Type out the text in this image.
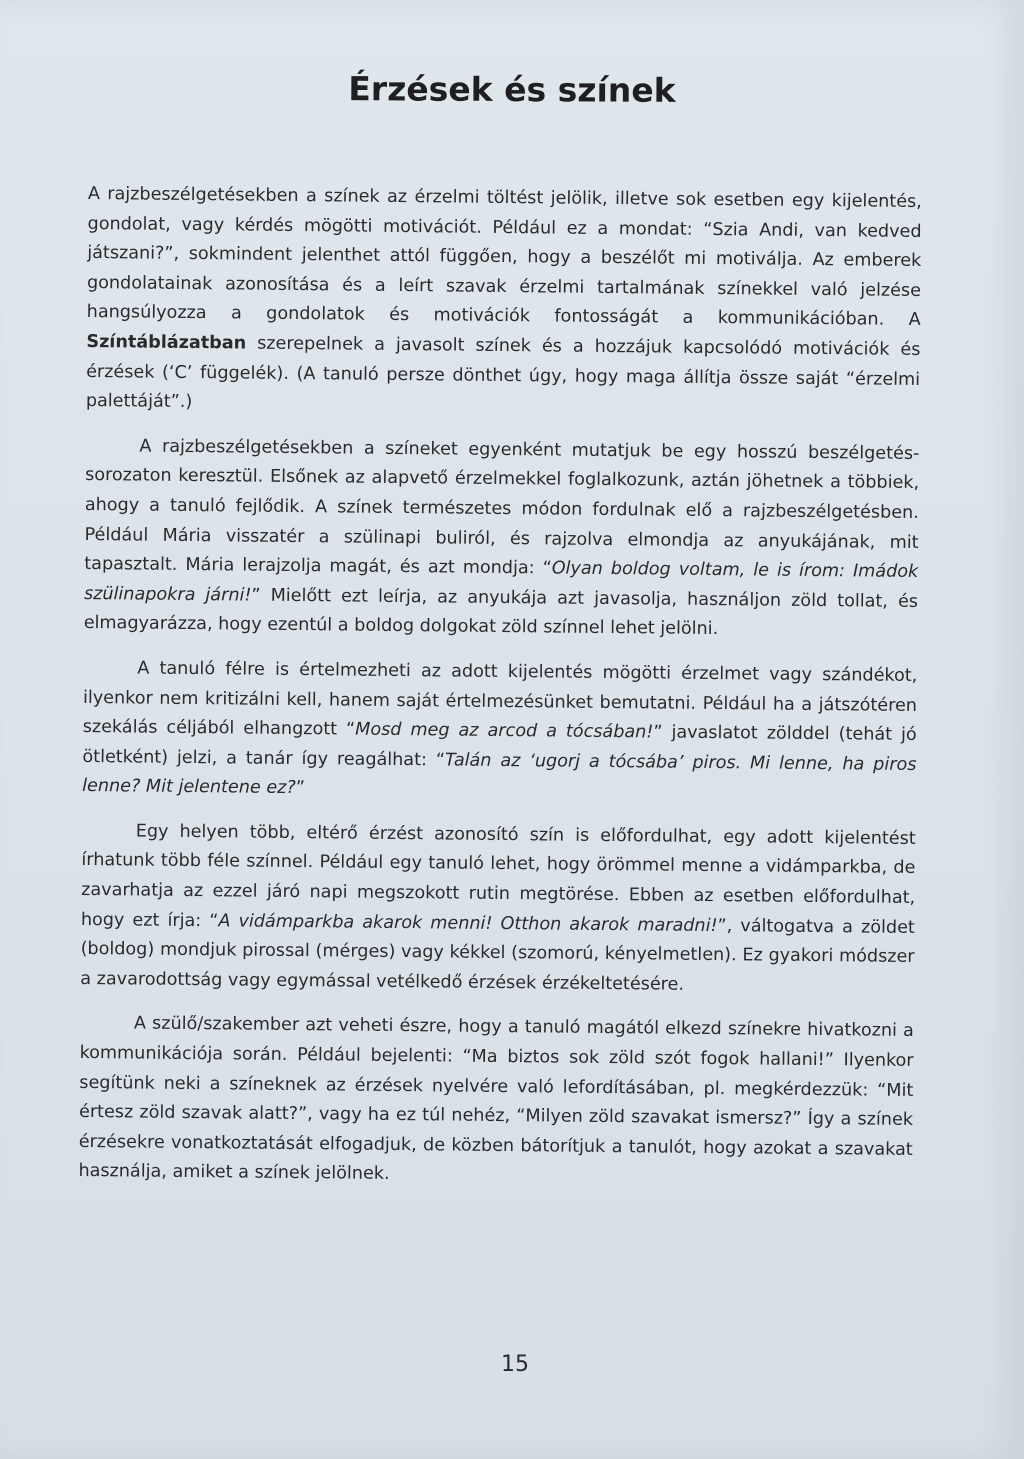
Érzések és színek

A rajzbeszélgetésekben a színek az érzelmi töltést jelölik, illetve sok esetben egy kijelentés, gondolat, vagy kérdés mögötti motivációt. Például ez a mondat: “Szia Andi, van kedved játszani?”, sokmindent jelenthet attól függően, hogy a beszélőt mi motiválja. Az emberek gondolatainak azonosítása és a leírt szavak érzelmi tartalmának színekkel való jelzése hangsúlyozza a gondolatok és motivációk fontosságát a kommunikációban. A Színtáblázatban szerepelnek a javasolt színek és a hozzájuk kapcsolódó motivációk és érzések (‘C’ függelék). (A tanuló persze dönthet úgy, hogy maga állítja össze saját “érzelmi palettáját”.)

A rajzbeszélgetésekben a színeket egyenként mutatjuk be egy hosszú beszélgetés-sorozaton keresztül. Elsőnek az alapvető érzelmekkel foglalkozunk, aztán jöhetnek a többiek, ahogy a tanuló fejlődik. A színek természetes módon fordulnak elő a rajzbeszélgetésben. Például Mária visszatér a szülinapi buliról, és rajzolva elmondja az anyukájának, mit tapasztalt. Mária lerajzolja magát, és azt mondja: “Olyan boldog voltam, le is írom: Imádok szülinapokra járni!” Mielőtt ezt leírja, az anyukája azt javasolja, használjon zöld tollat, és elmagyarázza, hogy ezentúl a boldog dolgokat zöld színnel lehet jelölni.

A tanuló félre is értelmezheti az adott kijelentés mögötti érzelmet vagy szándékot, ilyenkor nem kritizálni kell, hanem saját értelmezésünket bemutatni. Például ha a játszótéren szekálás céljából elhangzott “Mosd meg az arcod a tócsában!” javaslatot zölddel (tehát jó ötletként) jelzi, a tanár így reagálhat: “Talán az ‘ugorj a tócsába’ piros. Mi lenne, ha piros lenne? Mit jelentene ez?”

Egy helyen több, eltérő érzést azonosító szín is előfordulhat, egy adott kijelentést írhatunk több féle színnel. Például egy tanuló lehet, hogy örömmel menne a vidámparkba, de zavarhatja az ezzel járó napi megszokott rutin megtörése. Ebben az esetben előfordulhat, hogy ezt írja: “A vidámparkba akarok menni! Otthon akarok maradni!”, váltogatva a zöldet (boldog) mondjuk pirossal (mérges) vagy kékkel (szomorú, kényelmetlen). Ez gyakori módszer a zavarodottság vagy egymással vetélkedő érzések érzékeltetésére.

A szülő/szakember azt veheti észre, hogy a tanuló magától elkezd színekre hivatkozni a kommunikációja során. Például bejelenti: “Ma biztos sok zöld szót fogok hallani!” Ilyenkor segítünk neki a színeknek az érzések nyelvére való lefordításában, pl. megkérdezzük: “Mit értesz zöld szavak alatt?”, vagy ha ez túl nehéz, “Milyen zöld szavakat ismersz?” Így a színek érzésekre vonatkoztatását elfogadjuk, de közben bátorítjuk a tanulót, hogy azokat a szavakat használja, amiket a színek jelölnek.

15
